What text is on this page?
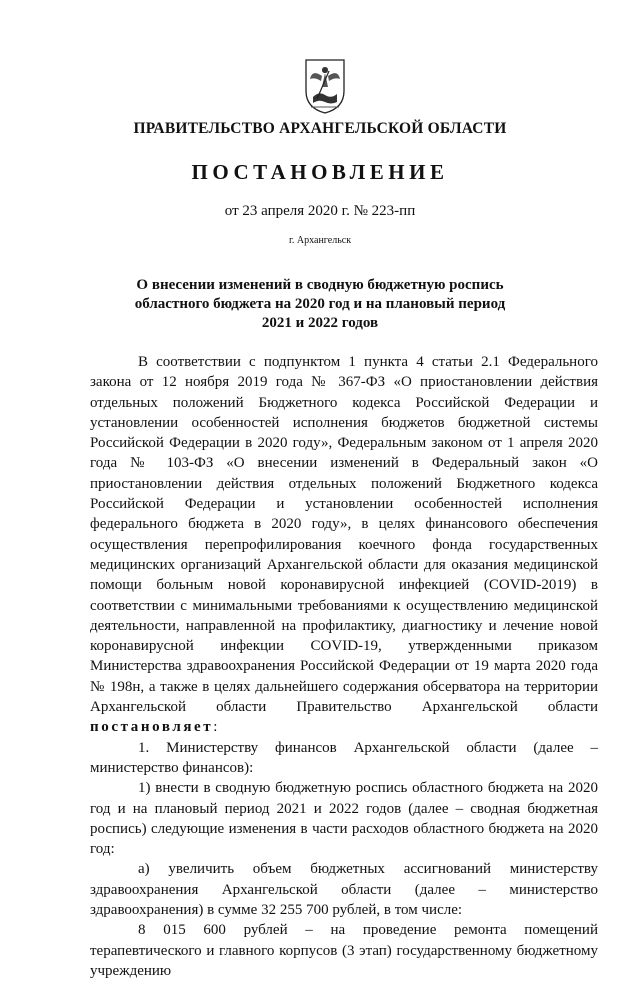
ПРАВИТЕЛЬСТВО АРХАНГЕЛЬСКОЙ ОБЛАСТИ
ПОСТАНОВЛЕНИЕ
от 23 апреля 2020 г. № 223-пп
г. Архангельск
О внесении изменений в сводную бюджетную роспись
областного бюджета на 2020 год и на плановый период
2021 и 2022 годов

В соответствии с подпунктом 1 пункта 4 статьи 2.1 Федерального закона от 12 ноября 2019 года № 367-ФЗ «О приостановлении действия отдельных положений Бюджетного кодекса Российской Федерации и установлении особенностей исполнения бюджетов бюджетной системы Российской Федерации в 2020 году», Федеральным законом от 1 апреля 2020 года № 103-ФЗ «О внесении изменений в Федеральный закон «О приостановлении действия отдельных положений Бюджетного кодекса Российской Федерации и установлении особенностей исполнения федерального бюджета в 2020 году», в целях финансового обеспечения осуществления перепрофилирования коечного фонда государственных медицинских организаций Архангельской области для оказания медицинской помощи больным новой коронавирусной инфекцией (COVID-2019) в соответствии с минимальными требованиями к осуществлению медицинской деятельности, направленной на профилактику, диагностику и лечение новой коронавирусной инфекции COVID-19, утвержденными приказом Министерства здравоохранения Российской Федерации от 19 марта 2020 года № 198н, а также в целях дальнейшего содержания обсерватора на территории Архангельской области Правительство Архангельской области постановляет:

1. Министерству финансов Архангельской области (далее – министерство финансов):

1) внести в сводную бюджетную роспись областного бюджета на 2020 год и на плановый период 2021 и 2022 годов (далее – сводная бюджетная роспись) следующие изменения в части расходов областного бюджета на 2020 год:

а) увеличить объем бюджетных ассигнований министерству здравоохранения Архангельской области (далее – министерство здравоохранения) в сумме 32 255 700 рублей, в том числе:

8 015 600 рублей – на проведение ремонта помещений терапевтического и главного корпусов (3 этап) государственному бюджетному учреждению
